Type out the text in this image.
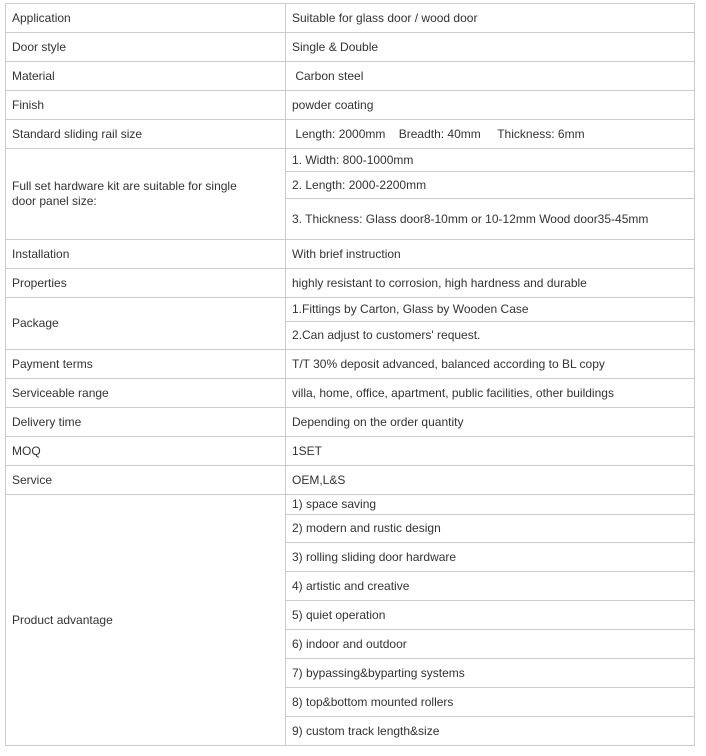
Application	Suitable for glass door / wood door
Door style	Single & Double
Material	Carbon steel
Finish	powder coating
Standard sliding rail size	Length: 2000mm    Breadth: 40mm     Thickness: 6mm
Full set hardware kit are suitable for single door panel size:	1. Width: 800-1000mm
	2. Length: 2000-2200mm
	3. Thickness: Glass door8-10mm or 10-12mm Wood door35-45mm
Installation	With brief instruction
Properties	highly resistant to corrosion, high hardness and durable
Package	1.Fittings by Carton, Glass by Wooden Case
	2.Can adjust to customers' request.
Payment terms	T/T 30% deposit advanced, balanced according to BL copy
Serviceable range	villa, home, office, apartment, public facilities, other buildings
Delivery time	Depending on the order quantity
MOQ	1SET
Service	OEM,L&S
Product advantage	1) space saving
	2) modern and rustic design
	3) rolling sliding door hardware
	4) artistic and creative
	5) quiet operation
	6) indoor and outdoor
	7) bypassing&byparting systems
	8) top&bottom mounted rollers
	9) custom track length&size
